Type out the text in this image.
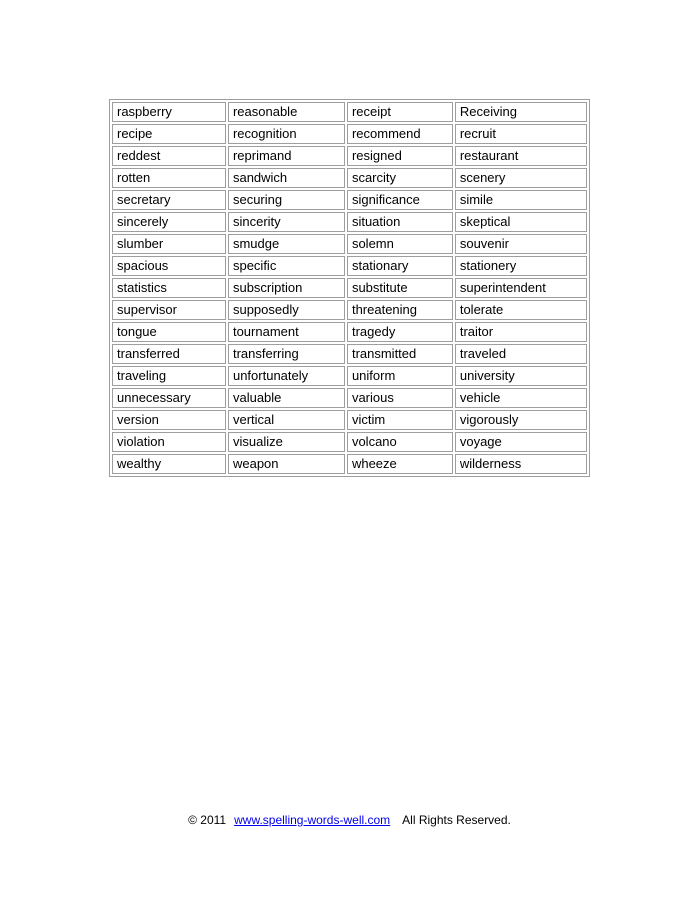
raspberry	reasonable	receipt	Receiving
recipe	recognition	recommend	recruit
reddest	reprimand	resigned	restaurant
rotten	sandwich	scarcity	scenery
secretary	securing	significance	simile
sincerely	sincerity	situation	skeptical
slumber	smudge	solemn	souvenir
spacious	specific	stationary	stationery
statistics	subscription	substitute	superintendent
supervisor	supposedly	threatening	tolerate
tongue	tournament	tragedy	traitor
transferred	transferring	transmitted	traveled
traveling	unfortunately	uniform	university
unnecessary	valuable	various	vehicle
version	vertical	victim	vigorously
violation	visualize	volcano	voyage
wealthy	weapon	wheeze	wilderness
© 2011 www.spelling-words-well.com All Rights Reserved.
